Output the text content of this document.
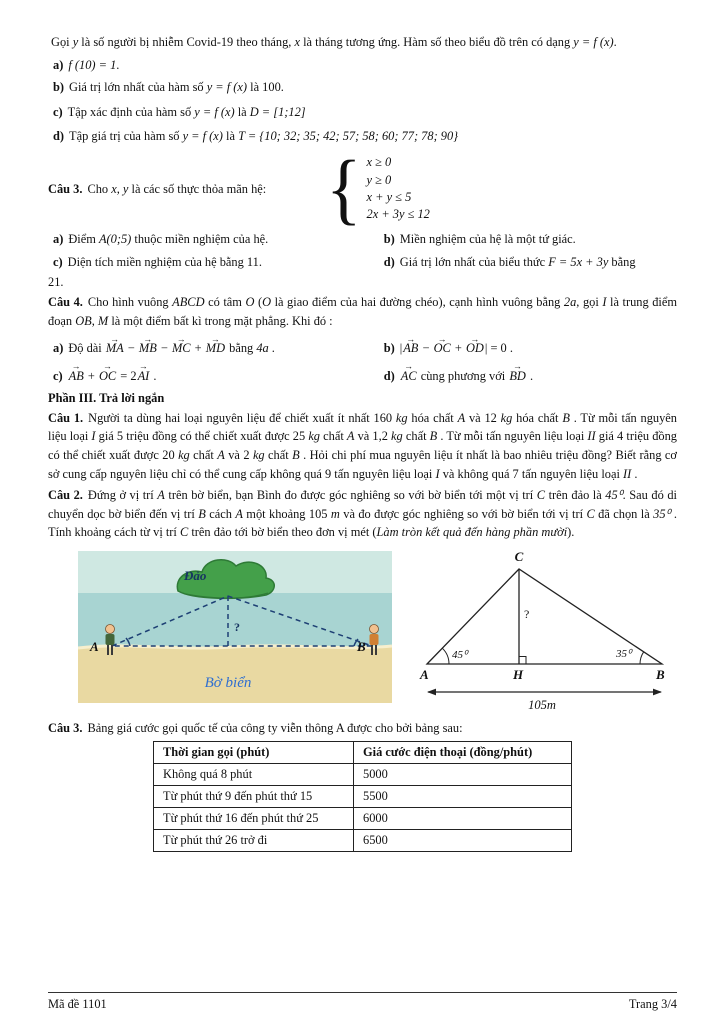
Gọi y là số người bị nhiễm Covid-19 theo tháng, x là tháng tương ứng. Hàm số theo biểu đồ trên có dạng y = f (x).

a) f (10) = 1.

b) Giá trị lớn nhất của hàm số y = f (x) là 100.

c) Tập xác định của hàm số y = f (x) là D = [1;12]

d) Tập giá trị của hàm số y = f (x) là T = {10; 32; 35; 42; 57; 58; 60; 77; 78; 90}

Câu 3. Cho x, y là các số thực thỏa mãn hệ: { x ≥ 0
y ≥ 0
x + y ≤ 5
2x + 3y ≤ 12

a) Điểm A(0;5) thuộc miền nghiệm của hệ.	b) Miền nghiệm của hệ là một tứ giác.

c) Diện tích miền nghiệm của hệ bằng 11.	d) Giá trị lớn nhất của biểu thức F = 5x + 3y bằng

21.

Câu 4. Cho hình vuông ABCD có tâm O (O là giao điểm của hai đường chéo), cạnh hình vuông bằng 2a, gọi I là trung điểm đoạn OB, M là một điểm bất kì trong mặt phẳng. Khi đó :

a) Độ dài MA → − MB → − MC → + MD → bằng 4a .	b) |AB → − OC → + OD →| = 0 .

c) AB → + OC → = 2AI → .	d) AC → cùng phương với BD → .

Phần III. Trả lời ngắn

Câu 1. Người ta dùng hai loại nguyên liệu để chiết xuất ít nhất 160 kg hóa chất A và 12 kg hóa chất B . Từ mỗi tấn nguyên liệu loại I giá 5 triệu đồng có thể chiết xuất được 25 kg chất A và 1,2 kg chất B . Từ mỗi tấn nguyên liệu loại II giá 4 triệu đồng có thể chiết xuất được 20 kg chất A và 2 kg chất B . Hỏi chi phí mua nguyên liệu ít nhất là bao nhiêu triệu đồng? Biết rằng cơ sở cung cấp nguyên liệu chỉ có thể cung cấp không quá 9 tấn nguyên liệu loại I và không quá 7 tấn nguyên liệu loại II .

Câu 2. Đứng ở vị trí A trên bờ biển, bạn Bình đo được góc nghiêng so với bờ biển tới một vị trí C trên đảo là 45⁰. Sau đó di chuyển dọc bờ biển đến vị trí B cách A một khoảng 105 m và đo được góc nghiêng so với bờ biển tới vị trí C đã chọn là 35⁰ . Tính khoảng cách từ vị trí C trên đảo tới bờ biển theo đơn vị mét (Làm tròn kết quả đến hàng phần mười).

Đảo
?
A	B
Bờ biển
C
A	H	B
?
45⁰	35⁰
105m

Câu 3. Bảng giá cước gọi quốc tế của công ty viễn thông A được cho bởi bảng sau:

Thời gian gọi (phút)	Giá cước điện thoại (đồng/phút)
Không quá 8 phút	5000
Từ phút thứ 9 đến phút thứ 15	5500
Từ phút thứ 16 đến phút thứ 25	6000
Từ phút thứ 26 trở đi	6500
Mã đề 1101	Trang 3/4
